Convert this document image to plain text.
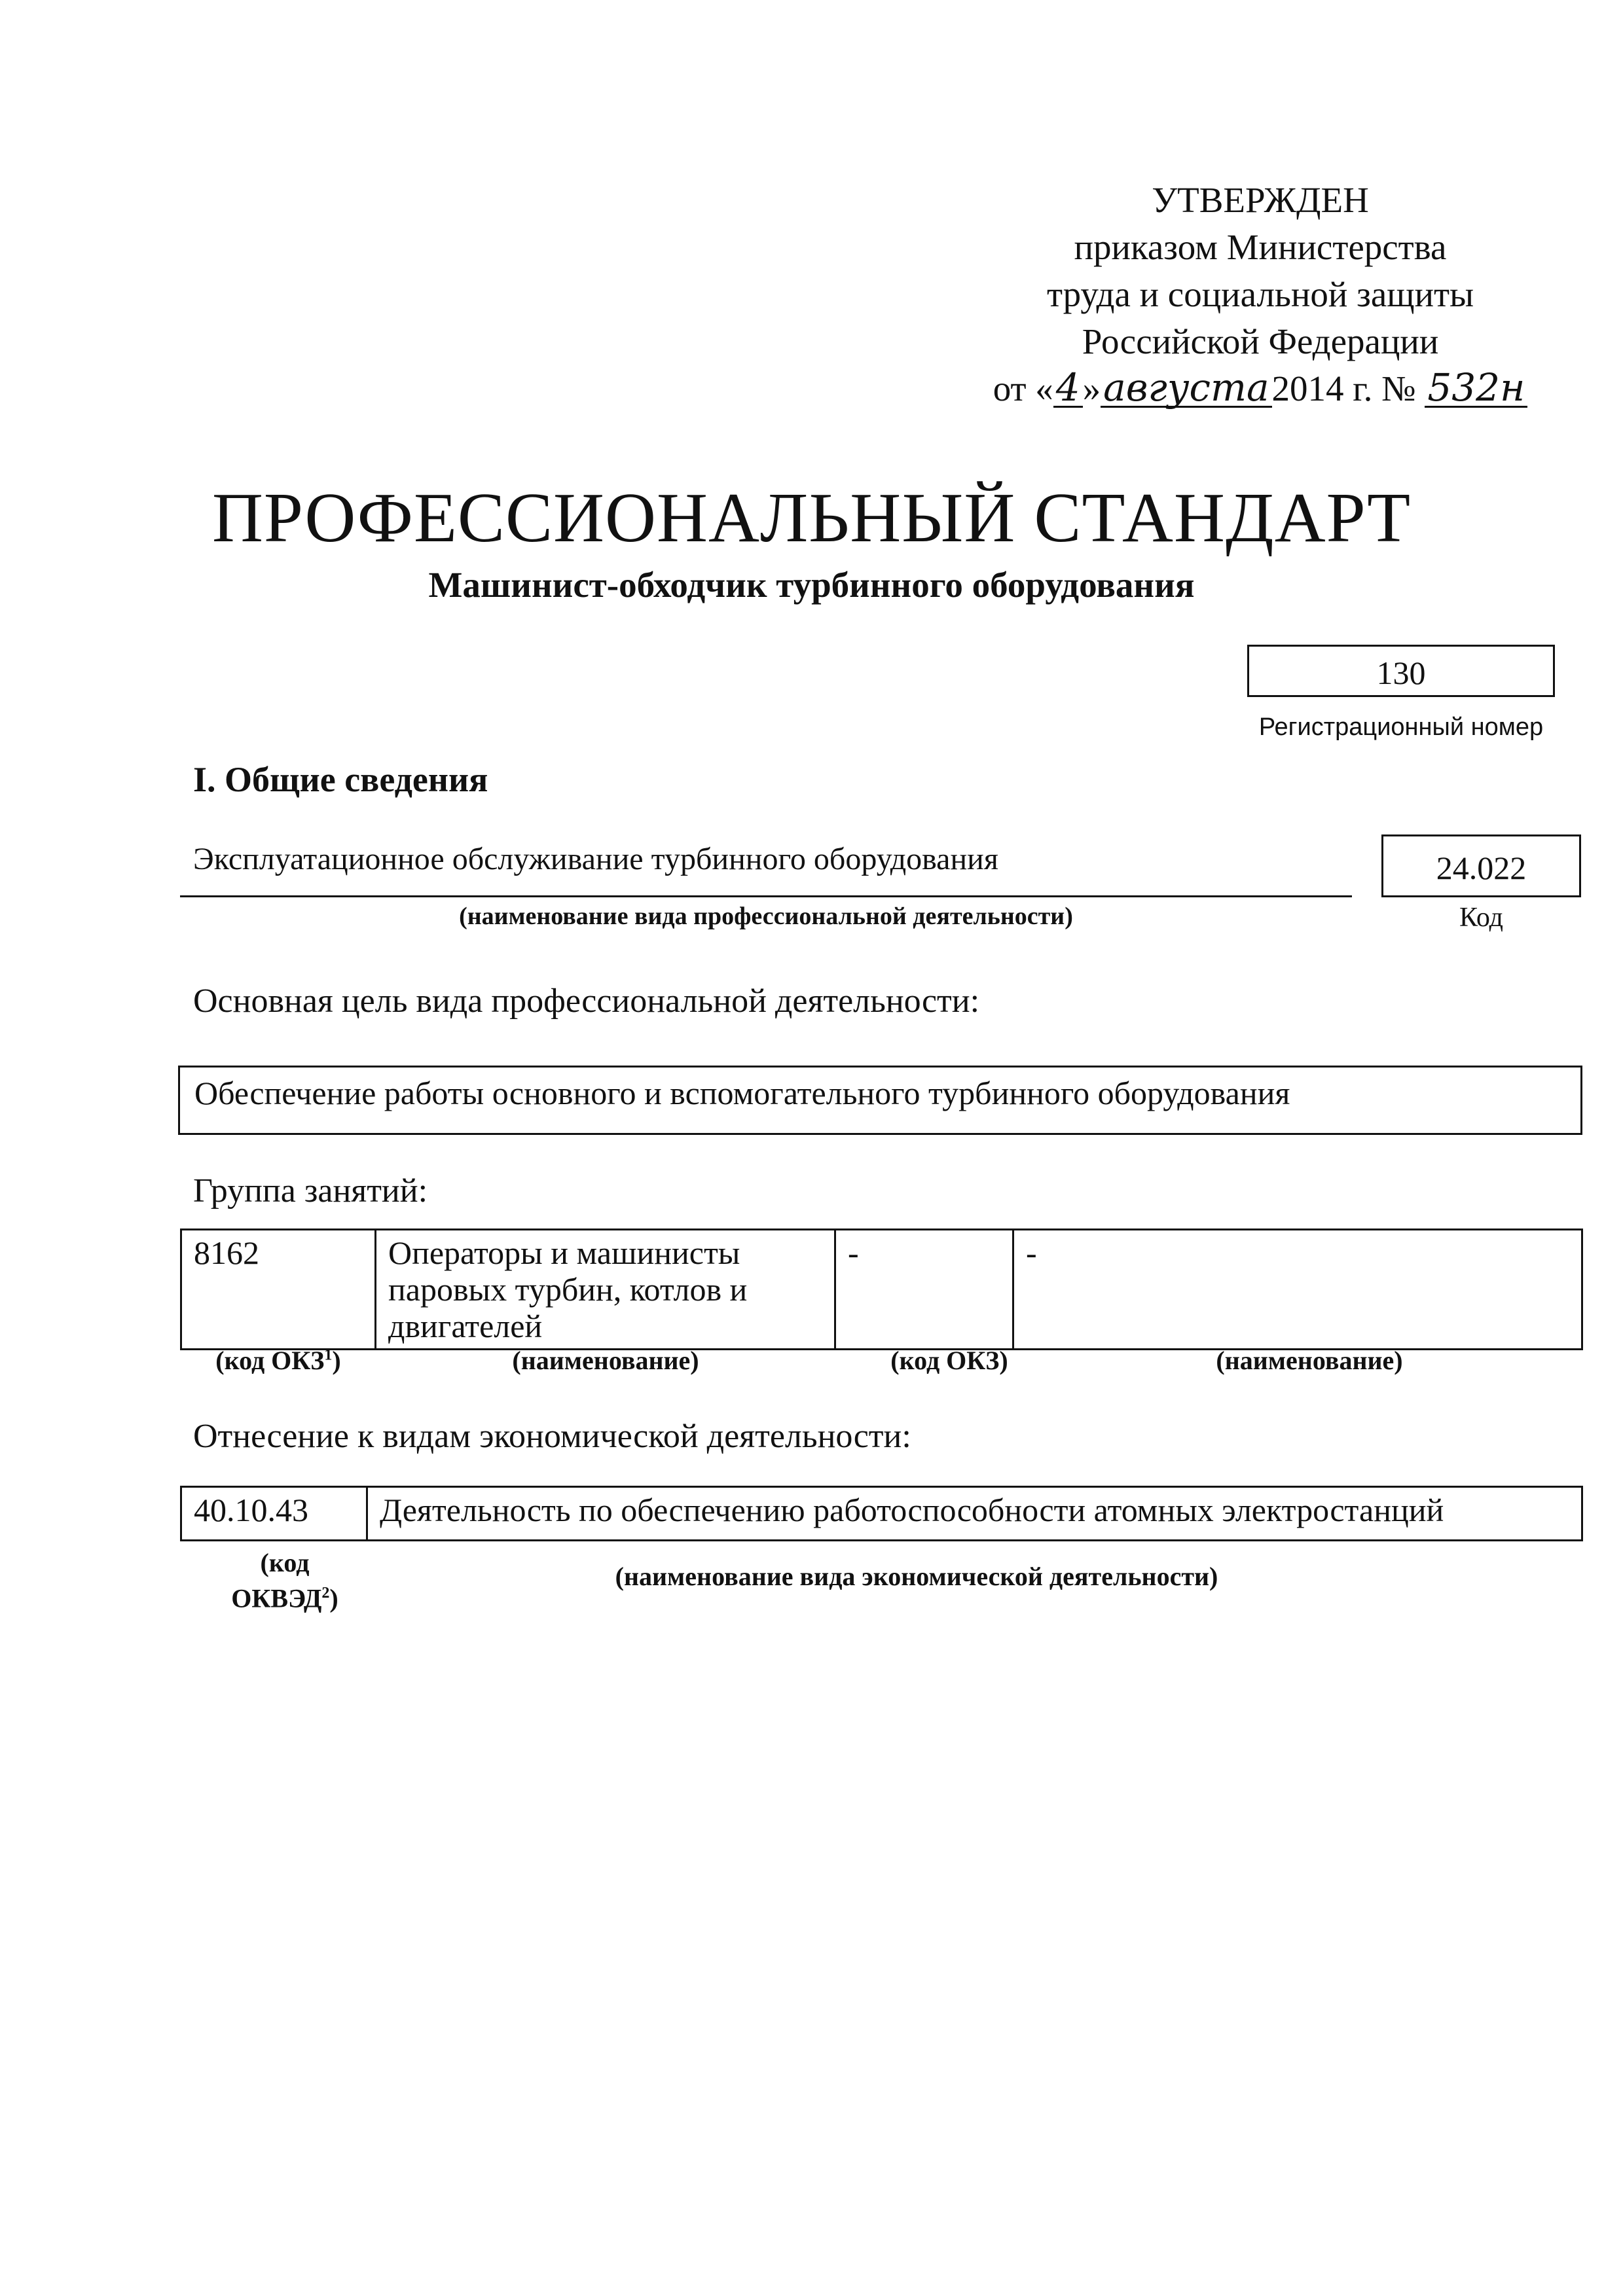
УТВЕРЖДЕН
приказом Министерства
труда и социальной защиты
Российской Федерации
от «4»августа2014 г. № 532н
ПРОФЕССИОНАЛЬНЫЙ СТАНДАРТ
Машинист-обходчик турбинного оборудования
130
Регистрационный номер
I. Общие сведения
Эксплуатационное обслуживание турбинного оборудования
(наименование вида профессиональной деятельности)
24.022
Код
Основная цель вида профессиональной деятельности:
Обеспечение работы основного и вспомогательного турбинного оборудования
Группа занятий:
8162	Операторы и машинисты паровых турбин, котлов и двигателей	-	-
(код ОКЗ$^1$)	(наименование)	(код ОКЗ)	(наименование)
Отнесение к видам экономической деятельности:
40.10.43	Деятельность по обеспечению работоспособности атомных электростанций
(код
ОКВЭД$^2$)
(наименование вида экономической деятельности)
